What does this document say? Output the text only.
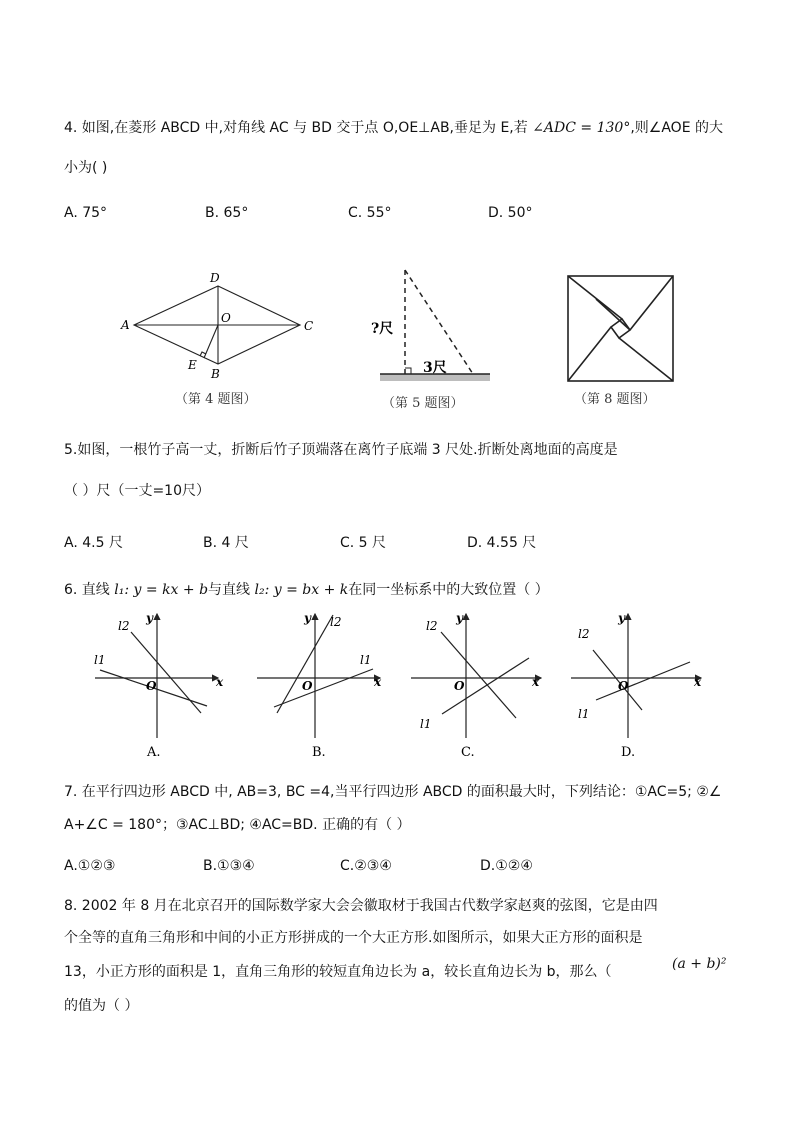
4. 如图,在菱形 ABCD 中,对角线 AC 与 BD 交于点 O,OE⊥AB,垂足为 E,若 ∠ADC = 130°,则∠AOE 的大
小为( )
A. 75°	B. 65°	C. 55°	D. 50°
A
D
C
O
E
B
（第 4 题图）
?尺
3尺
（第 5 题图）	（第 8 题图）
5.如图，一根竹子高一丈，折断后竹子顶端落在离竹子底端 3 尺处.折断处离地面的高度是
（ ）尺（一丈=10尺）
A. 4.5 尺	B. 4 尺	C. 5 尺	D. 4.55 尺
6. 直线 l₁: y = kx + b与直线 l₂: y = bx + k在同一坐标系中的大致位置（ ）
x
y
O
l1
l2
A.
x
y
O
l1
l2
B.
x
y
O
l1
l2
C.
x
y
O
l1
l2
D.
7. 在平行四边形 ABCD 中, AB=3, BC =4,当平行四边形 ABCD 的面积最大时，下列结论：①AC=5; ②∠
A+∠C = 180°；③AC⊥BD; ④AC=BD. 正确的有（ ）
A.①②③	B.①③④	C.②③④	D.①②④
8. 2002 年 8 月在北京召开的国际数学家大会会徽取材于我国古代数学家赵爽的弦图，它是由四
个全等的直角三角形和中间的小正方形拼成的一个大正方形.如图所示，如果大正方形的面积是
13，小正方形的面积是 1，直角三角形的较短直角边长为 a，较长直角边长为 b，那么（	(a + b)²
的值为（ ）
